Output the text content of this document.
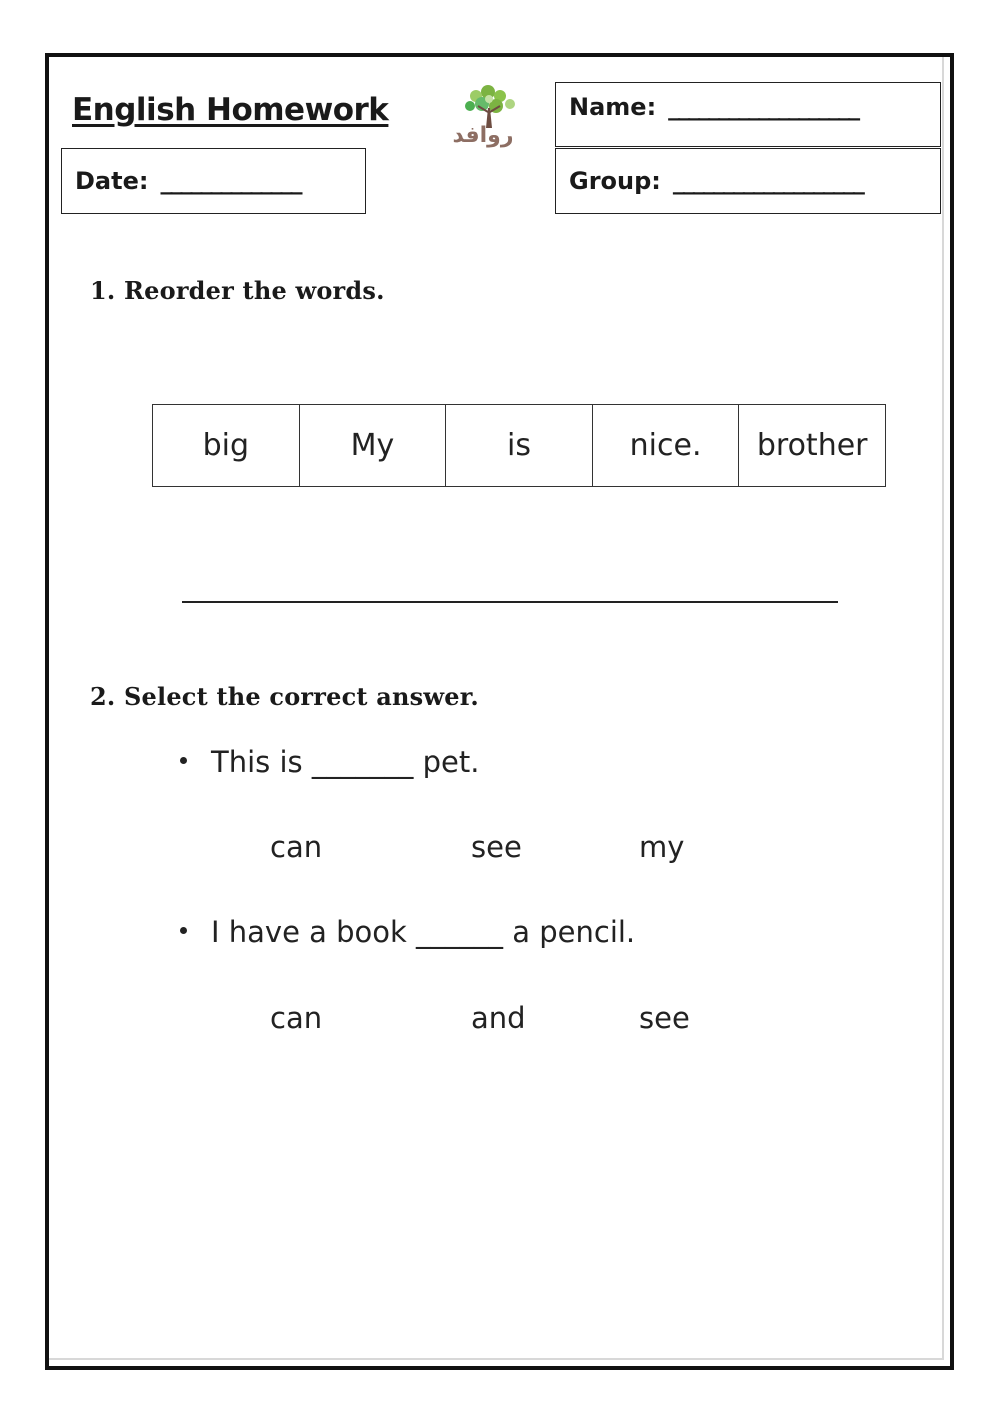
English Homework
Date: ______________
Name: ___________________
Group: ___________________
روافد
1. Reorder the words.
big	My	is	nice.	brother
2. Select the correct answer.
This is _______ pet.
can	see	my
I have a book ______ a pencil.
can	and	see
